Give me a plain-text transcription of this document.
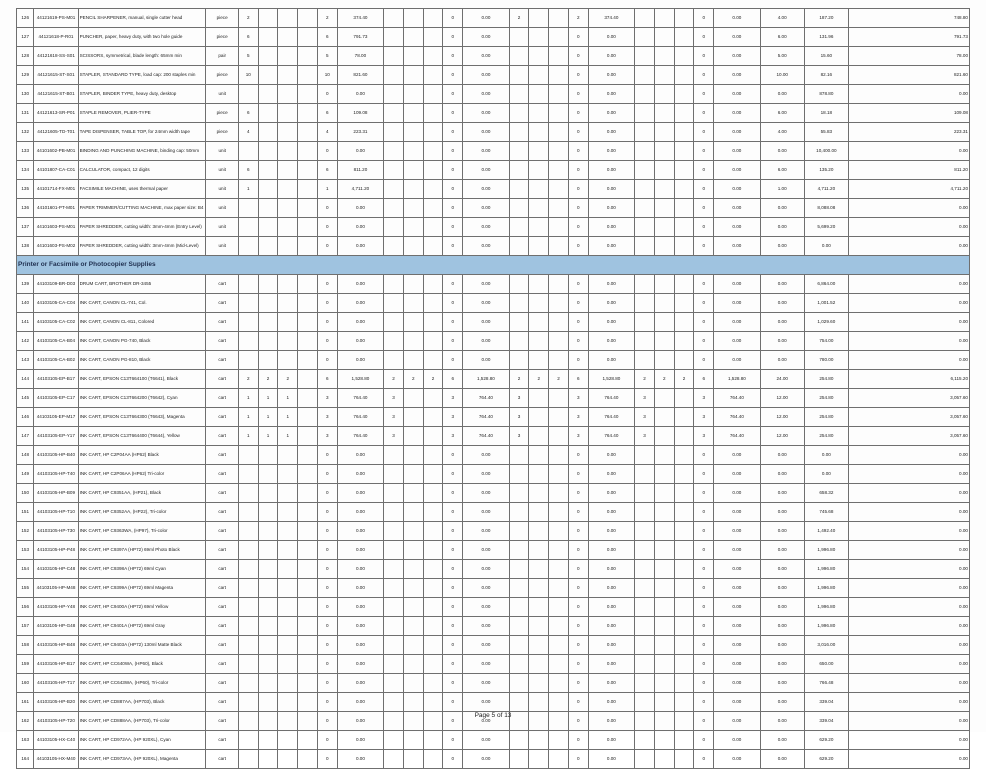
126	44121619-PS-M01	PENCIL SHARPENER, manual, single cutter head	piece	2				2	374.40				0	0.00	2			2	374.40				0	0.00	4.00	187.20	748.80
127	44121618-P-R01	PUNCHER, paper, heavy duty, with two hole guide	piece	6				6	791.73				0	0.00				0	0.00				0	0.00	6.00	131.96	791.73
128	44121618-SS-S01	SCISSORS, symmetrical, blade length: 65mm min	pair	5				5	78.00				0	0.00				0	0.00				0	0.00	5.00	15.60	78.00
129	44121615-ST-S01	STAPLER, STANDARD TYPE, load cap: 200 staples min	piece	10				10	821.60				0	0.00				0	0.00				0	0.00	10.00	82.16	821.60
130	44121615-ST-B01	STAPLER, BINDER TYPE, heavy duty, desktop	unit					0	0.00				0	0.00				0	0.00				0	0.00	0.00	878.80	0.00
131	44121613-SR-P01	STAPLE REMOVER, PLIER-TYPE	piece	6				6	109.08				0	0.00				0	0.00				0	0.00	6.00	18.18	109.08
132	44121605-TD-T01	TAPE DISPENSER, TABLE TOP, for 24mm width tape	piece	4				4	223.31				0	0.00				0	0.00				0	0.00	4.00	55.83	223.31
133	44101602-PB-M01	BINDING AND PUNCHING MACHINE, binding cap: 50mm	unit					0	0.00				0	0.00				0	0.00				0	0.00	0.00	10,400.00	0.00
134	44101807-CA-C01	CALCULATOR, compact, 12 digits	unit	6				6	811.20				0	0.00				0	0.00				0	0.00	6.00	135.20	811.20
135	44101714-FX-M01	FACSIMILE MACHINE, uses thermal paper	unit	1				1	4,711.20				0	0.00				0	0.00				0	0.00	1.00	4,711.20	4,711.20
136	44101601-PT-M01	PAPER TRIMMER/CUTTING MACHINE, max paper size: B4	unit					0	0.00				0	0.00				0	0.00				0	0.00	0.00	8,088.08	0.00
137	44101603-PS-M01	PAPER SHREDDER, cutting width: 3mm-4mm (Entry Level)	unit					0	0.00				0	0.00				0	0.00				0	0.00	0.00	5,699.20	0.00
138	44101603-PS-M02	PAPER SHREDDER, cutting width: 3mm-4mm (Mid-Level)	unit					0	0.00				0	0.00				0	0.00				0	0.00	0.00	0.00	0.00
Printer or Facsimile or Photocopier Supplies																											
139	44103109-BR-D03	DRUM CART, BROTHER DR-3455	cart					0	0.00				0	0.00				0	0.00				0	0.00	0.00	6,864.00	0.00
140	44103105-CA-C04	INK CART, CANON CL-741, Col.	cart					0	0.00				0	0.00				0	0.00				0	0.00	0.00	1,001.52	0.00
141	44103105-CA-C02	INK CART, CANON CL-811, Colored	cart					0	0.00				0	0.00				0	0.00				0	0.00	0.00	1,029.60	0.00
142	44103105-CA-B04	INK CART, CANON PG-740, Black	cart					0	0.00				0	0.00				0	0.00				0	0.00	0.00	754.00	0.00
143	44103105-CA-B02	INK CART, CANON PG-810, Black	cart					0	0.00				0	0.00				0	0.00				0	0.00	0.00	780.00	0.00
144	44103105-EP-B17	INK CART, EPSON C13T664100 (T6641), Black	cart	2	2	2		6	1,528.80	2	2	2	6	1,528.80	2	2	2	6	1,528.80	2	2	2	6	1,528.80	24.00	254.80	6,115.20
145	44103105-EP-C17	INK CART, EPSON C13T664200 (T6642), Cyan	cart	1	1	1		3	764.40	3			3	764.40	3			3	764.40	3			3	764.40	12.00	254.80	3,057.60
146	44103105-EP-M17	INK CART, EPSON C13T664300 (T6643), Magenta	cart	1	1	1		3	764.40	3			3	764.40	3			3	764.40	3			3	764.40	12.00	254.80	3,057.60
147	44103105-EP-Y17	INK CART, EPSON C13T664400 (T6644), Yellow	cart	1	1	1		3	764.40	3			3	764.40	3			3	764.40	3			3	764.40	12.00	254.80	3,057.60
148	44103105-HP-B40	INK CART, HP C2P04AA (HP62) Black	cart					0	0.00				0	0.00				0	0.00				0	0.00	0.00	0.00	0.00
149	44103105-HP-T40	INK CART, HP C2P06AA (HP62) Tri-color	cart					0	0.00				0	0.00				0	0.00				0	0.00	0.00	0.00	0.00
150	44103105-HP-B09	INK CART, HP C9351AA, (HP21), Black	cart					0	0.00				0	0.00				0	0.00				0	0.00	0.00	658.32	0.00
151	44103105-HP-T10	INK CART, HP C9352AA, (HP22), Tri-color	cart					0	0.00				0	0.00				0	0.00				0	0.00	0.00	745.68	0.00
152	44103105-HP-T30	INK CART, HP C9363WA, (HP97), Tri-color	cart					0	0.00				0	0.00				0	0.00				0	0.00	0.00	1,492.40	0.00
153	44103105-HP-P48	INK CART, HP C9397A (HP72) 69ml Photo Black	cart					0	0.00				0	0.00				0	0.00				0	0.00	0.00	1,996.80	0.00
154	44103105-HP-C48	INK CART, HP C9398A (HP72) 69ml Cyan	cart					0	0.00				0	0.00				0	0.00				0	0.00	0.00	1,996.80	0.00
155	44103105-HP-M48	INK CART, HP C9399A (HP72) 69ml Magenta	cart					0	0.00				0	0.00				0	0.00				0	0.00	0.00	1,996.80	0.00
156	44103105-HP-Y48	INK CART, HP C9400A (HP72) 69ml Yellow	cart					0	0.00				0	0.00				0	0.00				0	0.00	0.00	1,996.80	0.00
157	44103105-HP-G48	INK CART, HP C9401A (HP72) 69ml Gray	cart					0	0.00				0	0.00				0	0.00				0	0.00	0.00	1,996.80	0.00
158	44103105-HP-B48	INK CART, HP C9403A (HP72) 130ml Matte Black	cart					0	0.00				0	0.00				0	0.00				0	0.00	0.00	3,016.00	0.00
159	44103105-HP-B17	INK CART, HP CC640WA, (HP60), Black	cart					0	0.00				0	0.00				0	0.00				0	0.00	0.00	650.00	0.00
160	44103105-HP-T17	INK CART, HP CC643WA, (HP60), Tri-color	cart					0	0.00				0	0.00				0	0.00				0	0.00	0.00	766.48	0.00
161	44103105-HP-B20	INK CART, HP CD887AA, (HP703), Black	cart					0	0.00				0	0.00				0	0.00				0	0.00	0.00	339.04	0.00
162	44103105-HP-T20	INK CART, HP CD888AA, (HP703), Tri-color	cart					0	0.00				0	0.00				0	0.00				0	0.00	0.00	339.04	0.00
163	44103105-HX-C40	INK CART, HP CD972AA, (HP 920XL), Cyan	cart					0	0.00				0	0.00				0	0.00				0	0.00	0.00	629.20	0.00
164	44103105-HX-M40	INK CART, HP CD973AA, (HP 920XL), Magenta	cart					0	0.00				0	0.00				0	0.00				0	0.00	0.00	629.20	0.00
Page 5 of 13
